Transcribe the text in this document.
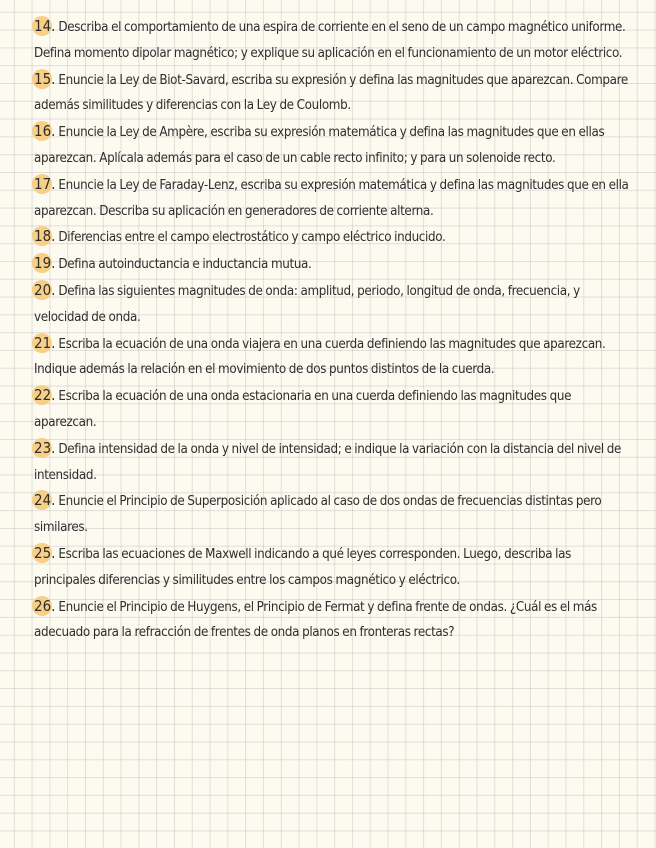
14. Describa el comportamiento de una espira de corriente en el seno de un campo magnético uniforme. Defina momento dipolar magnético; y explique su aplicación en el funcionamiento de un motor eléctrico.
15. Enuncie la Ley de Biot-Savard, escriba su expresión y defina las magnitudes que aparezcan. Compare además similitudes y diferencias con la Ley de Coulomb.
16. Enuncie la Ley de Ampère, escriba su expresión matemática y defina las magnitudes que en ellas aparezcan. Aplícala además para el caso de un cable recto infinito; y para un solenoide recto.
17. Enuncie la Ley de Faraday-Lenz, escriba su expresión matemática y defina las magnitudes que en ella aparezcan. Describa su aplicación en generadores de corriente alterna.
18. Diferencias entre el campo electrostático y campo eléctrico inducido.
19. Defina autoinductancia e inductancia mutua.
20. Defina las siguientes magnitudes de onda: amplitud, periodo, longitud de onda, frecuencia, y velocidad de onda.
21. Escriba la ecuación de una onda viajera en una cuerda definiendo las magnitudes que aparezcan. Indique además la relación en el movimiento de dos puntos distintos de la cuerda.
22. Escriba la ecuación de una onda estacionaria en una cuerda definiendo las magnitudes que aparezcan.
23. Defina intensidad de la onda y nivel de intensidad; e indique la variación con la distancia del nivel de intensidad.
24. Enuncie el Principio de Superposición aplicado al caso de dos ondas de frecuencias distintas pero similares.
25. Escriba las ecuaciones de Maxwell indicando a qué leyes corresponden. Luego, describa las principales diferencias y similitudes entre los campos magnético y eléctrico.
26. Enuncie el Principio de Huygens, el Principio de Fermat y defina frente de ondas. ¿Cuál es el más adecuado para la refracción de frentes de onda planos en fronteras rectas?
